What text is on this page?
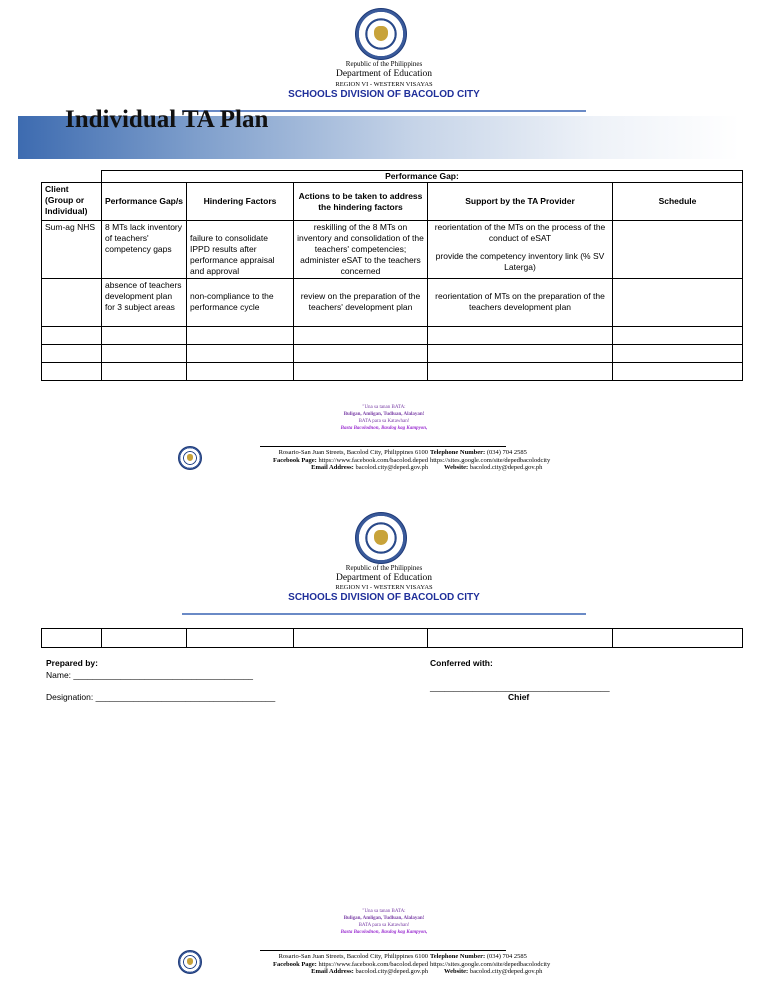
Republic of the Philippines
Department of Education
REGION VI - WESTERN VISAYAS
SCHOOLS DIVISION OF BACOLOD CITY
Individual TA Plan
	Performance Gap:				
Client (Group or Individual)	Performance Gap/s	Hindering Factors	Actions to be taken to address the hindering factors	Support by the TA Provider	Schedule
Sum-ag NHS	8 MTs lack inventory of teachers' competency gaps	failure to consolidate IPPD results after performance appraisal and approval	reskilling of the 8 MTs on inventory and consolidation of the teachers' competencies; administer eSAT to the teachers concerned	reorientation of the MTs on the process of the conduct of eSAT
provide the competency inventory link (% SV Laterga)	

	absence of teachers development plan for 3 subject areas	non-compliance to the performance cycle	review on the preparation of the teachers' development plan	reorientation of MTs on the preparation of the teachers development plan	

"Una sa tanan BATA:
Buligan, Amligan, Tudluan, Alalayan!
BATA para sa Katawhan!
Basta Bacolodnon, Basdog kag Kampyon,
Rosario-San Juan Streets, Bacolod City, Philippines 6100
Facebook Page: https://www.facebook.com/bacolod.deped
Email Address: bacolod.city@deped.gov.ph
Telephone Number: (034) 704 2585
https://sites.google.com/site/depedbacolodcity
Website: bacolod.city@deped.gov.ph
Republic of the Philippines
Department of Education
REGION VI - WESTERN VISAYAS
SCHOOLS DIVISION OF BACOLOD CITY

Prepared by:
Name: ______________________________________
Designation: ______________________________________
Conferred with:
______________________________________
Chief
"Una sa tanan BATA:
Buligan, Amligan, Tudluan, Alalayan!
BATA para sa Katawhan!
Basta Bacolodnon, Basdog kag Kampyon,
Rosario-San Juan Streets, Bacolod City, Philippines 6100
Facebook Page: https://www.facebook.com/bacolod.deped
Email Address: bacolod.city@deped.gov.ph
Telephone Number: (034) 704 2585
https://sites.google.com/site/depedbacolodcity
Website: bacolod.city@deped.gov.ph
